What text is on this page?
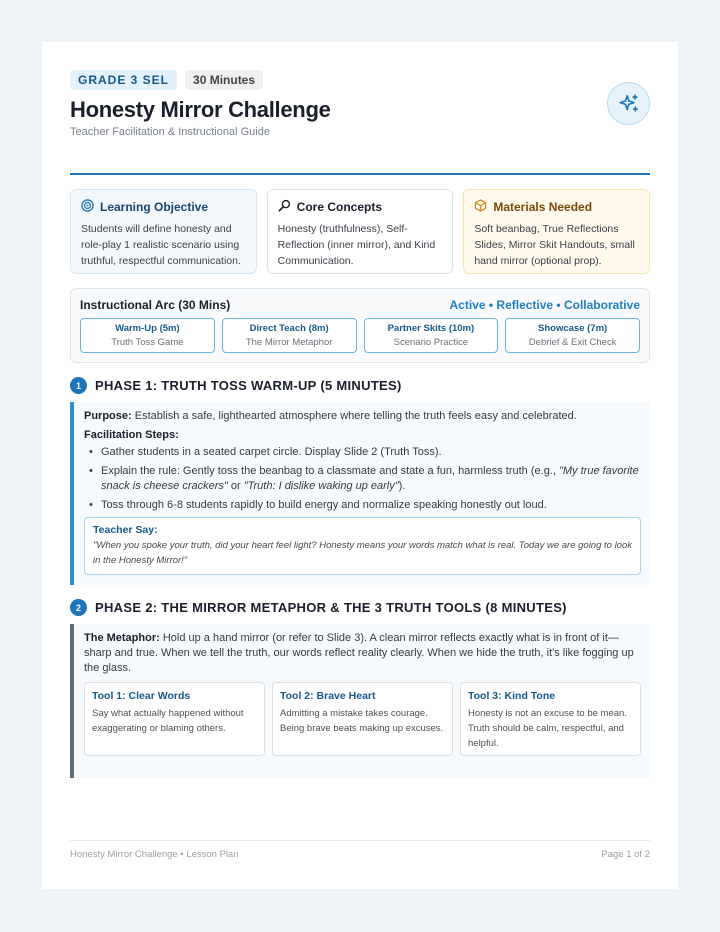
GRADE 3 SEL	30 Minutes
Honesty Mirror Challenge
Teacher Facilitation & Instructional Guide
Learning Objective
Students will define honesty and role-play 1 realistic scenario using truthful, respectful communication.
Core Concepts
Honesty (truthfulness), Self-Reflection (inner mirror), and Kind Communication.
Materials Needed
Soft beanbag, True Reflections Slides, Mirror Skit Handouts, small hand mirror (optional prop).
Instructional Arc (30 Mins)	Active • Reflective • Collaborative
Warm-Up (5m)
Truth Toss Game
Direct Teach (8m)
The Mirror Metaphor
Partner Skits (10m)
Scenario Practice
Showcase (7m)
Debrief & Exit Check
1	PHASE 1: TRUTH TOSS WARM-UP (5 MINUTES)
Purpose: Establish a safe, lighthearted atmosphere where telling the truth feels easy and celebrated.
Facilitation Steps:
• Gather students in a seated carpet circle. Display Slide 2 (Truth Toss).
• Explain the rule: Gently toss the beanbag to a classmate and state a fun, harmless truth (e.g., "My true favorite snack is cheese crackers" or "Truth: I dislike waking up early").
• Toss through 6-8 students rapidly to build energy and normalize speaking honestly out loud.
Teacher Say:
"When you spoke your truth, did your heart feel light? Honesty means your words match what is real. Today we are going to look in the Honesty Mirror!"
2	PHASE 2: THE MIRROR METAPHOR & THE 3 TRUTH TOOLS (8 MINUTES)
The Metaphor: Hold up a hand mirror (or refer to Slide 3). A clean mirror reflects exactly what is in front of it—sharp and true. When we tell the truth, our words reflect reality clearly. When we hide the truth, it's like fogging up the glass.
Tool 1: Clear Words
Say what actually happened without exaggerating or blaming others.
Tool 2: Brave Heart
Admitting a mistake takes courage. Being brave beats making up excuses.
Tool 3: Kind Tone
Honesty is not an excuse to be mean. Truth should be calm, respectful, and helpful.
Honesty Mirror Challenge • Lesson Plan	Page 1 of 2
